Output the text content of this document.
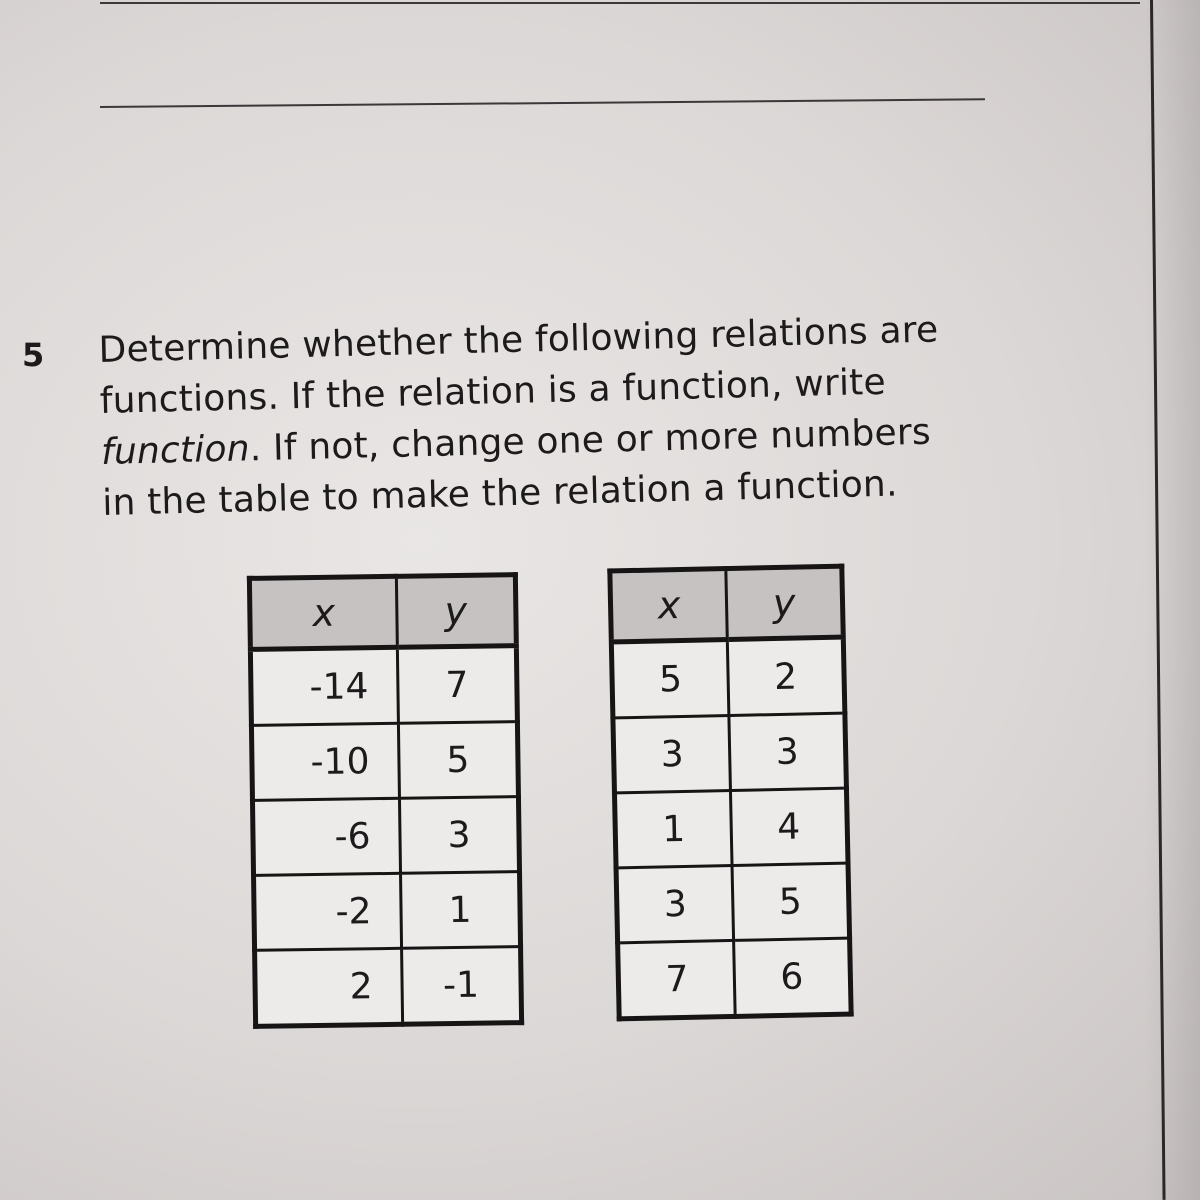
5 Determine whether the following relations are
functions. If the relation is a function, write
function. If not, change one or more numbers
in the table to make the relation a function.
x	y
-14	7
-10	5
-6	3
-2	1
2	-1
x	y
5	2
3	3
1	4
3	5
7	6
